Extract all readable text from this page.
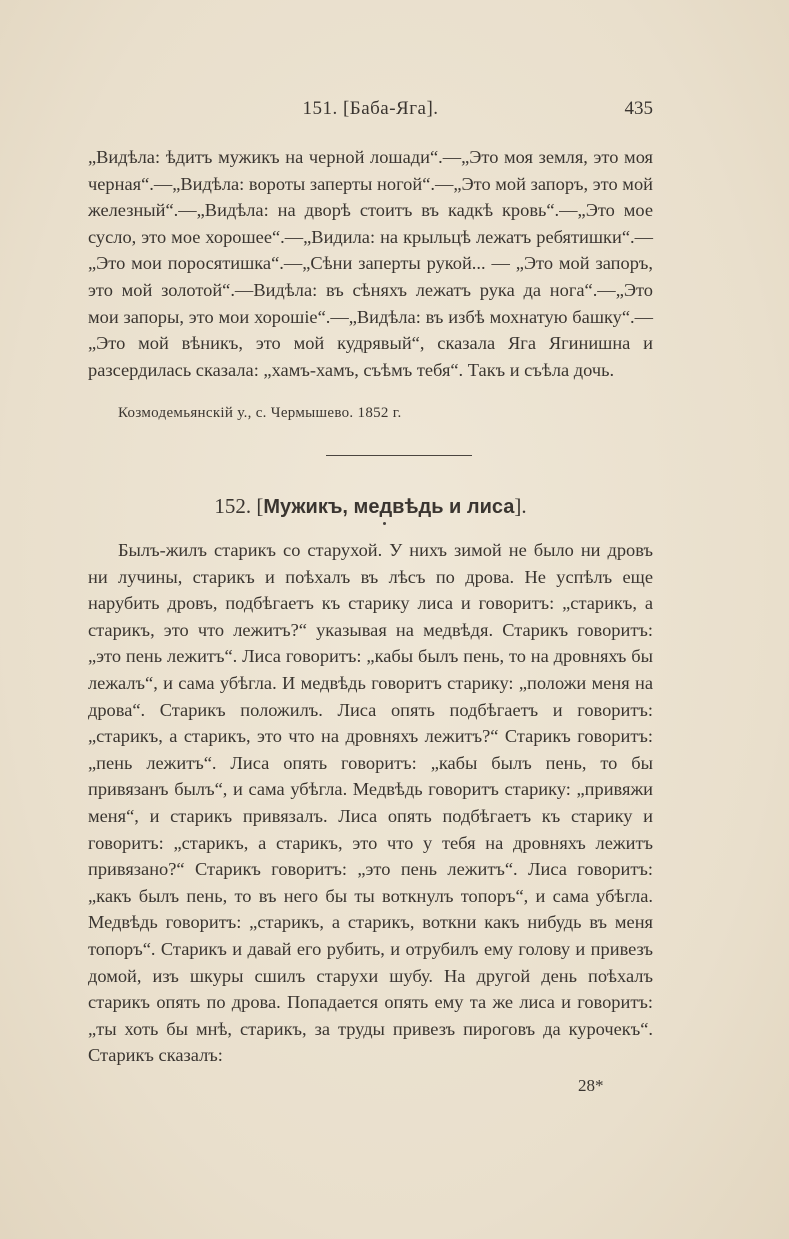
151. [Баба-Яга].	435

„Видѣла: ѣдитъ мужикъ на черной лошади“.—„Это моя земля, это моя черная“.—„Видѣла: вороты заперты ногой“.—„Это мой запоръ, это мой железный“.—„Видѣла: на дворѣ стоитъ въ кадкѣ кровь“.—„Это мое сусло, это мое хорошее“.—„Видила: на крыльцѣ лежатъ ребятишки“.—„Это мои поросятишка“.—„Сѣни заперты рукой... — „Это мой запоръ, это мой золотой“.—Видѣла: въ сѣняхъ лежатъ рука да нога“.—„Это мои запоры, это мои хорошіе“.—„Видѣла: въ избѣ мохнатую башку“.—„Это мой вѣникъ, это мой кудрявый“, сказала Яга Ягинишна и разсердилась сказала: „хамъ-хамъ, съѣмъ тебя“. Такъ и съѣла дочь.

Козмодемьянскій у., с. Чермышево. 1852 г.
152. [Мужикъ, медвѣдь и лиса].

Былъ-жилъ старикъ со старухой. У нихъ зимой не было ни дровъ ни лучины, старикъ и поѣхалъ въ лѣсъ по дрова. Не успѣлъ еще нарубить дровъ, подбѣгаетъ къ старику лиса и говоритъ: „старикъ, а старикъ, это что лежитъ?“ указывая на медвѣдя. Старикъ говоритъ: „это пень лежитъ“. Лиса говоритъ: „кабы былъ пень, то на дровняхъ бы лежалъ“, и сама убѣгла. И медвѣдь говоритъ старику: „положи меня на дрова“. Старикъ положилъ. Лиса опять подбѣгаетъ и говоритъ: „старикъ, а старикъ, это что на дровняхъ лежитъ?“ Старикъ говоритъ: „пень лежитъ“. Лиса опять говоритъ: „кабы былъ пень, то бы привязанъ былъ“, и сама убѣгла. Медвѣдь говоритъ старику: „привяжи меня“, и старикъ привязалъ. Лиса опять подбѣгаетъ къ старику и говоритъ: „старикъ, а старикъ, это что у тебя на дровняхъ лежитъ привязано?“ Старикъ говоритъ: „это пень лежитъ“. Лиса говоритъ: „какъ былъ пень, то въ него бы ты воткнулъ топоръ“, и сама убѣгла. Медвѣдь говоритъ: „старикъ, а старикъ, воткни какъ нибудь въ меня топоръ“. Старикъ и давай его рубить, и отрубилъ ему голову и привезъ домой, изъ шкуры сшилъ старухи шубу. На другой день поѣхалъ старикъ опять по дрова. Попадается опять ему та же лиса и говоритъ: „ты хоть бы мнѣ, старикъ, за труды привезъ пироговъ да курочекъ“. Старикъ сказалъ:

28*
